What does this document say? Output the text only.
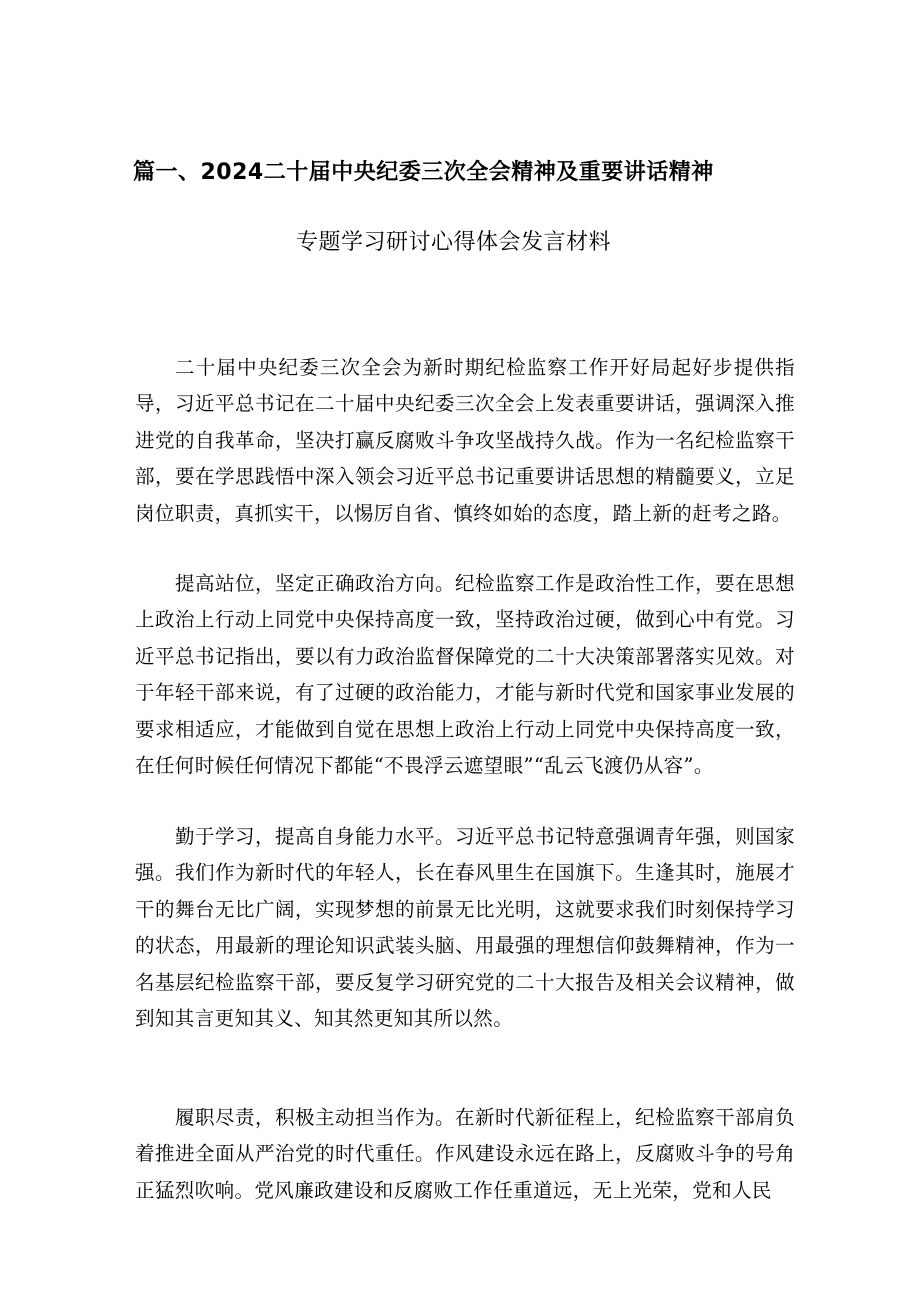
篇一、2024二十届中央纪委三次全会精神及重要讲话精神
专题学习研讨心得体会发言材料

二十届中央纪委三次全会为新时期纪检监察工作开好局起好步提供指导，习近平总书记在二十届中央纪委三次全会上发表重要讲话，强调深入推进党的自我革命，坚决打赢反腐败斗争攻坚战持久战。作为一名纪检监察干部，要在学思践悟中深入领会习近平总书记重要讲话思想的精髓要义，立足岗位职责，真抓实干，以惕厉自省、慎终如始的态度，踏上新的赶考之路。

提高站位，坚定正确政治方向。纪检监察工作是政治性工作，要在思想上政治上行动上同党中央保持高度一致，坚持政治过硬，做到心中有党。习近平总书记指出，要以有力政治监督保障党的二十大决策部署落实见效。对于年轻干部来说，有了过硬的政治能力，才能与新时代党和国家事业发展的要求相适应，才能做到自觉在思想上政治上行动上同党中央保持高度一致，在任何时候任何情况下都能“不畏浮云遮望眼”“乱云飞渡仍从容”。

勤于学习，提高自身能力水平。习近平总书记特意强调青年强，则国家强。我们作为新时代的年轻人，长在春风里生在国旗下。生逢其时，施展才干的舞台无比广阔，实现梦想的前景无比光明，这就要求我们时刻保持学习的状态，用最新的理论知识武装头脑、用最强的理想信仰鼓舞精神，作为一名基层纪检监察干部，要反复学习研究党的二十大报告及相关会议精神，做到知其言更知其义、知其然更知其所以然。

履职尽责，积极主动担当作为。在新时代新征程上，纪检监察干部肩负着推进全面从严治党的时代重任。作风建设永远在路上，反腐败斗争的号角正猛烈吹响。党风廉政建设和反腐败工作任重道远，无上光荣，党和人民
